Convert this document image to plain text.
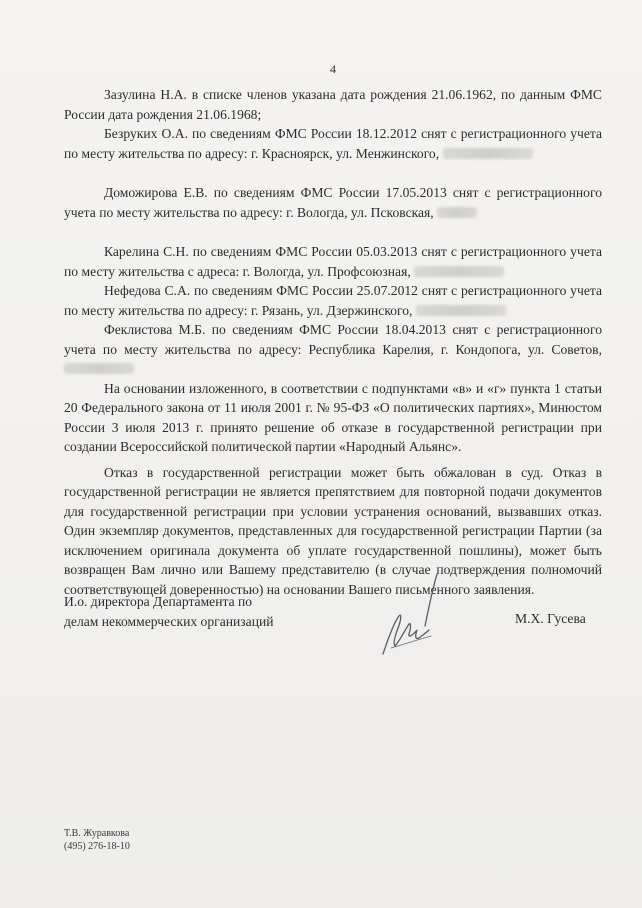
4

Зазулина Н.А. в списке членов указана дата рождения 21.06.1962, по данным ФМС России дата рождения 21.06.1968;

Безруких О.А. по сведениям ФМС России 18.12.2012 снят с регистрационного учета по месту жительства по адресу: г. Красноярск, ул. Менжинского,

Доможирова Е.В. по сведениям ФМС России 17.05.2013 снят с регистрационного учета по месту жительства по адресу: г. Вологда, ул. Псковская,

Карелина С.Н. по сведениям ФМС России 05.03.2013 снят с регистрационного учета по месту жительства с адреса: г. Вологда, ул. Профсоюзная,

Нефедова С.А. по сведениям ФМС России 25.07.2012 снят с регистрационного учета по месту жительства по адресу: г. Рязань, ул. Дзержинского,

Феклистова М.Б. по сведениям ФМС России 18.04.2013 снят с регистрационного учета по месту жительства по адресу: Республика Карелия, г. Кондопога, ул. Советов,

На основании изложенного, в соответствии с подпунктами «в» и «г» пункта 1 статьи 20 Федерального закона от 11 июля 2001 г. № 95-ФЗ «О политических партиях», Минюстом России 3 июля 2013 г. принято решение об отказе в государственной регистрации при создании Всероссийской политической партии «Народный Альянс».

Отказ в государственной регистрации может быть обжалован в суд. Отказ в государственной регистрации не является препятствием для повторной подачи документов для государственной регистрации при условии устранения оснований, вызвавших отказ. Один экземпляр документов, представленных для государственной регистрации Партии (за исключением оригинала документа об уплате государственной пошлины), может быть возвращен Вам лично или Вашему представителю (в случае подтверждения полномочий соответствующей доверенностью) на основании Вашего письменного заявления.

И.о. директора Департамента по
делам некоммерческих организаций	М.Х. Гусева
Т.В. Журавкова
(495) 276-18-10
